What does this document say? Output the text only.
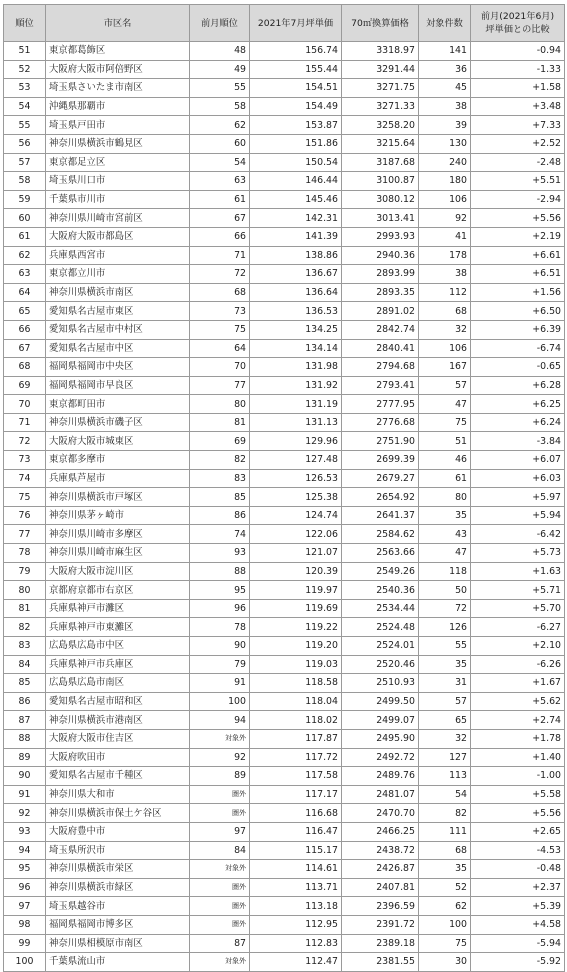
順位	市区名	前月順位	2021年7月坪単価	70㎡換算価格	対象件数	前月(2021年6月)
坪単価との比較
51	東京都葛飾区	48	156.74	3318.97	141	-0.94
52	大阪府大阪市阿倍野区	49	155.44	3291.44	36	-1.33
53	埼玉県さいたま市南区	55	154.51	3271.75	45	+1.58
54	沖縄県那覇市	58	154.49	3271.33	38	+3.48
55	埼玉県戸田市	62	153.87	3258.20	39	+7.33
56	神奈川県横浜市鶴見区	60	151.86	3215.64	130	+2.52
57	東京都足立区	54	150.54	3187.68	240	-2.48
58	埼玉県川口市	63	146.44	3100.87	180	+5.51
59	千葉県市川市	61	145.46	3080.12	106	-2.94
60	神奈川県川崎市宮前区	67	142.31	3013.41	92	+5.56
61	大阪府大阪市都島区	66	141.39	2993.93	41	+2.19
62	兵庫県西宮市	71	138.86	2940.36	178	+6.61
63	東京都立川市	72	136.67	2893.99	38	+6.51
64	神奈川県横浜市南区	68	136.64	2893.35	112	+1.56
65	愛知県名古屋市東区	73	136.53	2891.02	68	+6.50
66	愛知県名古屋市中村区	75	134.25	2842.74	32	+6.39
67	愛知県名古屋市中区	64	134.14	2840.41	106	-6.74
68	福岡県福岡市中央区	70	131.98	2794.68	167	-0.65
69	福岡県福岡市早良区	77	131.92	2793.41	57	+6.28
70	東京都町田市	80	131.19	2777.95	47	+6.25
71	神奈川県横浜市磯子区	81	131.13	2776.68	75	+6.24
72	大阪府大阪市城東区	69	129.96	2751.90	51	-3.84
73	東京都多摩市	82	127.48	2699.39	46	+6.07
74	兵庫県芦屋市	83	126.53	2679.27	61	+6.03
75	神奈川県横浜市戸塚区	85	125.38	2654.92	80	+5.97
76	神奈川県茅ヶ崎市	86	124.74	2641.37	35	+5.94
77	神奈川県川崎市多摩区	74	122.06	2584.62	43	-6.42
78	神奈川県川崎市麻生区	93	121.07	2563.66	47	+5.73
79	大阪府大阪市淀川区	88	120.39	2549.26	118	+1.63
80	京都府京都市右京区	95	119.97	2540.36	50	+5.71
81	兵庫県神戸市灘区	96	119.69	2534.44	72	+5.70
82	兵庫県神戸市東灘区	78	119.22	2524.48	126	-6.27
83	広島県広島市中区	90	119.20	2524.01	55	+2.10
84	兵庫県神戸市兵庫区	79	119.03	2520.46	35	-6.26
85	広島県広島市南区	91	118.58	2510.93	31	+1.67
86	愛知県名古屋市昭和区	100	118.04	2499.50	57	+5.62
87	神奈川県横浜市港南区	94	118.02	2499.07	65	+2.74
88	大阪府大阪市住吉区	対象外	117.87	2495.90	32	+1.78
89	大阪府吹田市	92	117.72	2492.72	127	+1.40
90	愛知県名古屋市千種区	89	117.58	2489.76	113	-1.00
91	神奈川県大和市	圏外	117.17	2481.07	54	+5.58
92	神奈川県横浜市保土ケ谷区	圏外	116.68	2470.70	82	+5.56
93	大阪府豊中市	97	116.47	2466.25	111	+2.65
94	埼玉県所沢市	84	115.17	2438.72	68	-4.53
95	神奈川県横浜市栄区	対象外	114.61	2426.87	35	-0.48
96	神奈川県横浜市緑区	圏外	113.71	2407.81	52	+2.37
97	埼玉県越谷市	圏外	113.18	2396.59	62	+5.39
98	福岡県福岡市博多区	圏外	112.95	2391.72	100	+4.58
99	神奈川県相模原市南区	87	112.83	2389.18	75	-5.94
100	千葉県流山市	対象外	112.47	2381.55	30	-5.92
